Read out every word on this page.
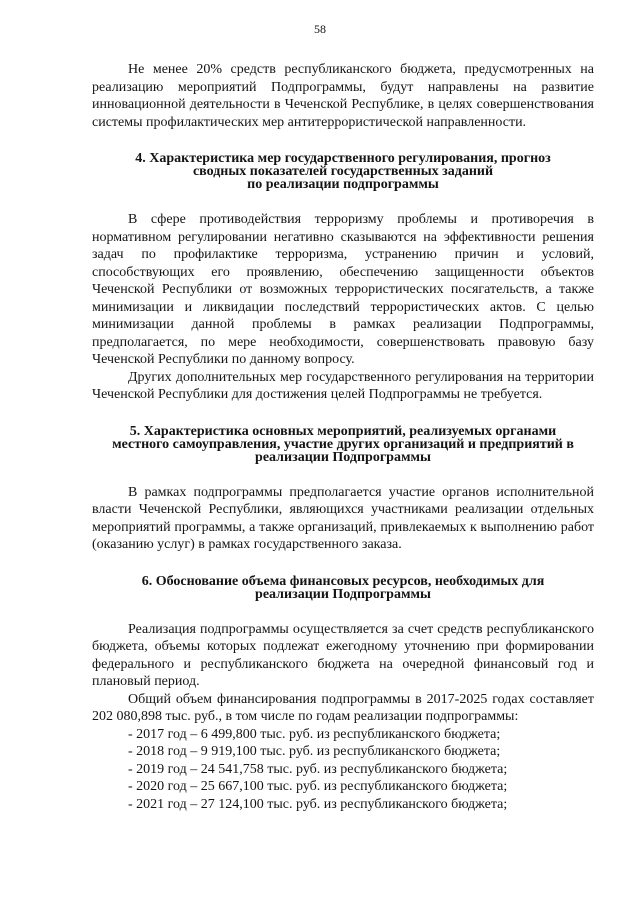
58

Не менее 20% средств республиканского бюджета, предусмотренных на реализацию мероприятий Подпрограммы, будут направлены на развитие инновационной деятельности в Чеченской Республике, в целях совершенствования системы профилактических мер антитеррористической направленности.

4. Характеристика мер государственного регулирования, прогноз
сводных показателей государственных заданий
по реализации подпрограммы

В сфере противодействия терроризму проблемы и противоречия в нормативном регулировании негативно сказываются на эффективности решения задач по профилактике терроризма, устранению причин и условий, способствующих его проявлению, обеспечению защищенности объектов Чеченской Республики от возможных террористических посягательств, а также минимизации и ликвидации последствий террористических актов. С целью минимизации данной проблемы в рамках реализации Подпрограммы, предполагается, по мере необходимости, совершенствовать правовую базу Чеченской Республики по данному вопросу.

Других дополнительных мер государственного регулирования на территории Чеченской Республики для достижения целей Подпрограммы не требуется.

5. Характеристика основных мероприятий, реализуемых органами
местного самоуправления, участие других организаций и предприятий в
реализации Подпрограммы

В рамках подпрограммы предполагается участие органов исполнительной власти Чеченской Республики, являющихся участниками реализации отдельных мероприятий программы, а также организаций, привлекаемых к выполнению работ (оказанию услуг) в рамках государственного заказа.

6. Обоснование объема финансовых ресурсов, необходимых для
реализации Подпрограммы

Реализация подпрограммы осуществляется за счет средств республиканского бюджета, объемы которых подлежат ежегодному уточнению при формировании федерального и республиканского бюджета на очередной финансовый год и плановый период.

Общий объем финансирования подпрограммы в 2017-2025 годах составляет 202 080,898 тыс. руб., в том числе по годам реализации подпрограммы:

- 2017 год – 6 499,800 тыс. руб. из республиканского бюджета;
- 2018 год – 9 919,100 тыс. руб. из республиканского бюджета;
- 2019 год – 24 541,758 тыс. руб. из республиканского бюджета;
- 2020 год – 25 667,100 тыс. руб. из республиканского бюджета;
- 2021 год – 27 124,100 тыс. руб. из республиканского бюджета;
